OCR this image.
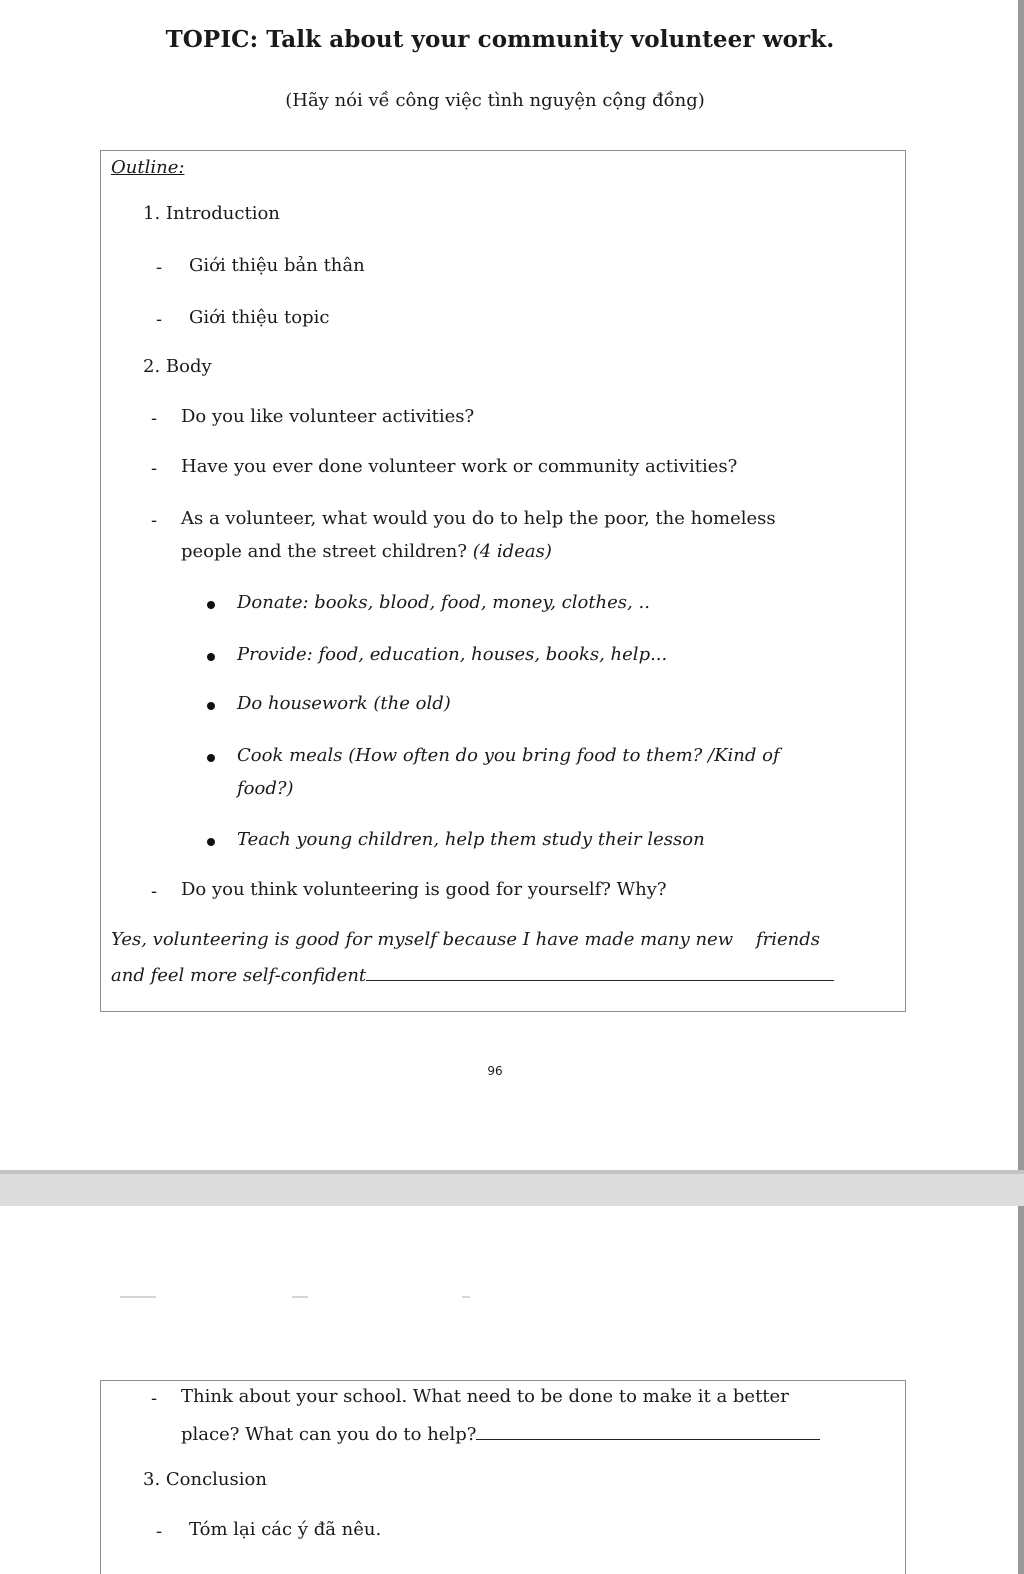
TOPIC: Talk about your community volunteer work.
(Hãy nói về công việc tình nguyện cộng đồng)
Outline:
1. Introduction
- Giới thiệu bản thân
- Giới thiệu topic
2. Body
- Do you like volunteer activities?
- Have you ever done volunteer work or community activities?
- As a volunteer, what would you do to help the poor, the homeless
people and the street children? (4 ideas)
Donate: books, blood, food, money, clothes, ..
Provide: food, education, houses, books, help...
Do housework (the old)
Cook meals (How often do you bring food to them? /Kind of
food?)
Teach young children, help them study their lesson
- Do you think volunteering is good for yourself? Why?
Yes, volunteering is good for myself because I have made many new    friends
and feel more self-confident
96
- Think about your school. What need to be done to make it a better
place? What can you do to help?
3. Conclusion
- Tóm lại các ý đã nêu.
